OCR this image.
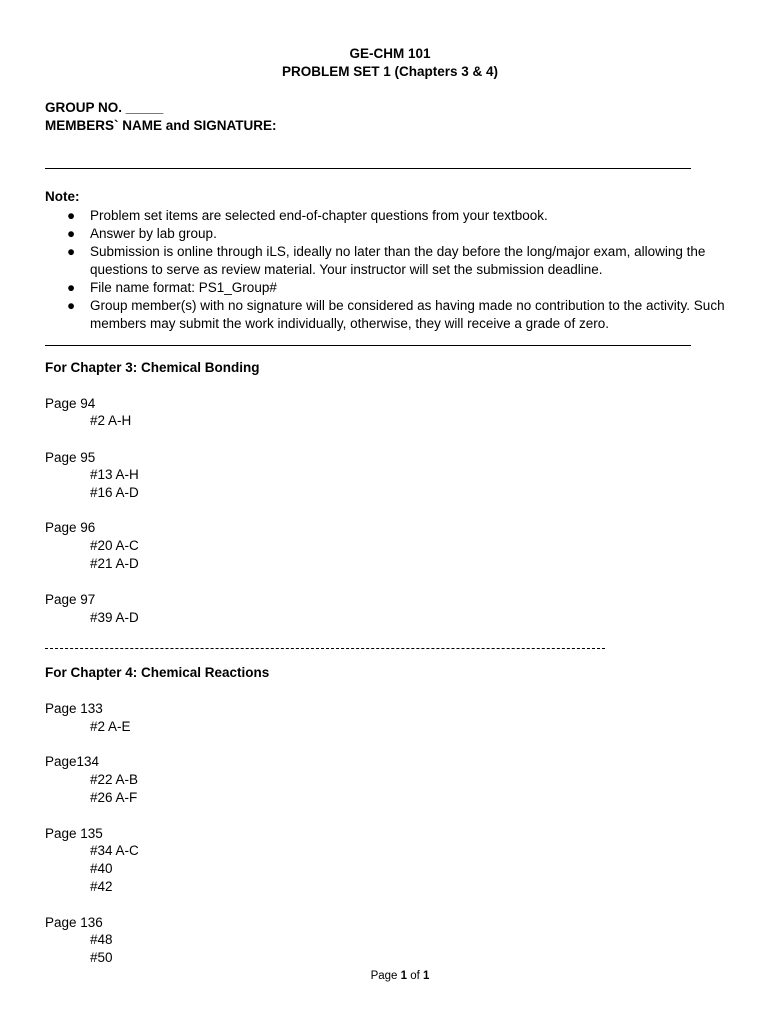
GE-CHM 101
PROBLEM SET 1 (Chapters 3 & 4)
GROUP NO. _____
MEMBERS` NAME and SIGNATURE:
Note:
● Problem set items are selected end-of-chapter questions from your textbook.
● Answer by lab group.
● Submission is online through iLS, ideally no later than the day before the long/major exam, allowing the questions to serve as review material. Your instructor will set the submission deadline.
● File name format: PS1_Group#
● Group member(s) with no signature will be considered as having made no contribution to the activity. Such members may submit the work individually, otherwise, they will receive a grade of zero.
For Chapter 3: Chemical Bonding
Page 94
#2 A-H
Page 95
#13 A-H
#16 A-D
Page 96
#20 A-C
#21 A-D
Page 97
#39 A-D
For Chapter 4: Chemical Reactions
Page 133
#2 A-E
Page134
#22 A-B
#26 A-F
Page 135
#34 A-C
#40
#42
Page 136
#48
#50
Page 1 of 1
